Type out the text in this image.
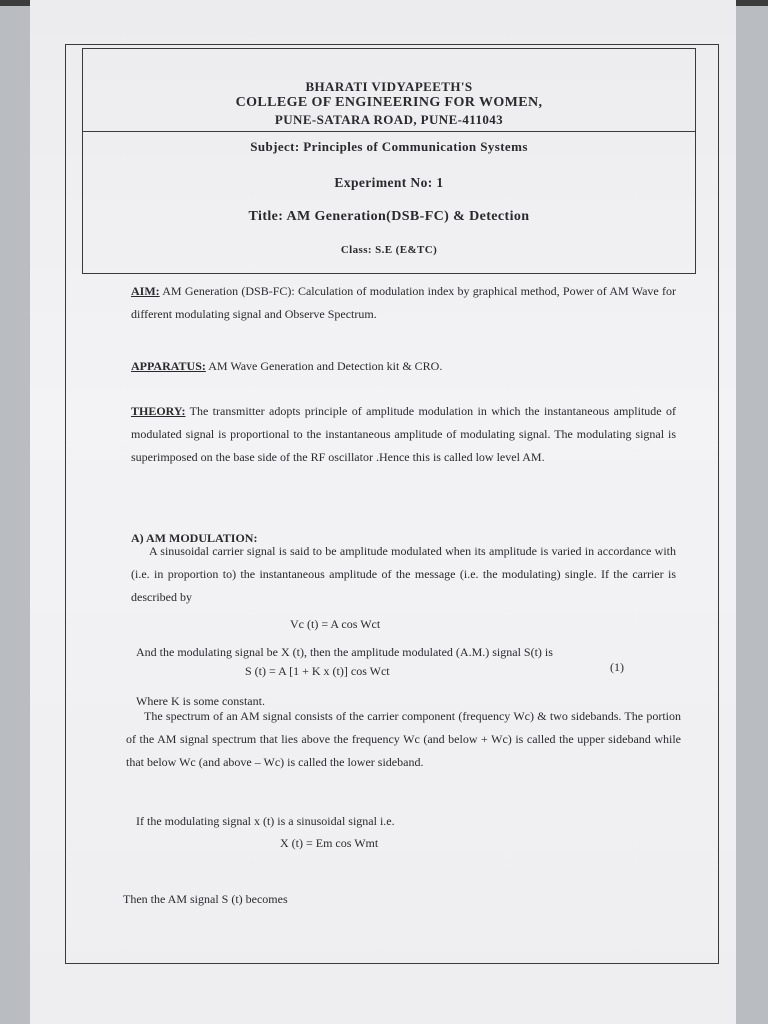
BHARATI VIDYAPEETH'S
COLLEGE OF ENGINEERING FOR WOMEN,
PUNE-SATARA ROAD, PUNE-411043
Subject: Principles of Communication Systems
Experiment No: 1
Title: AM Generation(DSB-FC) & Detection
Class: S.E (E&TC)

AIM: AM Generation (DSB-FC): Calculation of modulation index by graphical method, Power of AM Wave for different modulating signal and Observe Spectrum.

APPARATUS: AM Wave Generation and Detection kit & CRO.

THEORY: The transmitter adopts principle of amplitude modulation in which the instantaneous amplitude of modulated signal is proportional to the instantaneous amplitude of modulating signal. The modulating signal is superimposed on the base side of the RF oscillator .Hence this is called low level AM.

A) AM MODULATION:
A sinusoidal carrier signal is said to be amplitude modulated when its amplitude is varied in accordance with (i.e. in proportion to) the instantaneous amplitude of the message (i.e. the modulating) single. If the carrier is described by
Vc (t) = A cos Wct
And the modulating signal be X (t), then the amplitude modulated (A.M.) signal S(t) is
S (t) = A [1 + K x (t)] cos Wct	(1)
Where K is some constant.
The spectrum of an AM signal consists of the carrier component (frequency Wc) & two sidebands. The portion of the AM signal spectrum that lies above the frequency Wc (and below + Wc) is called the upper sideband while that below Wc (and above – Wc) is called the lower sideband.
If the modulating signal x (t) is a sinusoidal signal i.e.
X (t) = Em cos Wmt
Then the AM signal S (t) becomes
